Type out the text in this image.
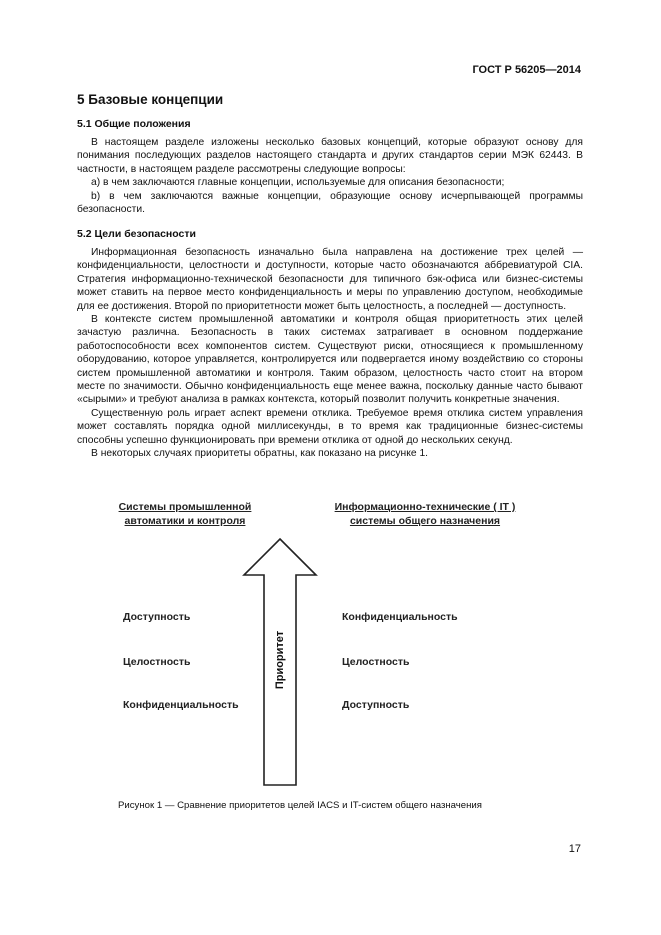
ГОСТ Р 56205—2014
5 Базовые концепции
5.1 Общие положения

В настоящем разделе изложены несколько базовых концепций, которые образуют основу для понимания последующих разделов настоящего стандарта и других стандартов серии МЭК 62443. В частности, в настоящем разделе рассмотрены следующие вопросы:

а) в чем заключаются главные концепции, используемые для описания безопасности;

b) в чем заключаются важные концепции, образующие основу исчерпывающей программы безопасности.

5.2 Цели безопасности

Информационная безопасность изначально была направлена на достижение трех целей — конфиденциальности, целостности и доступности, которые часто обозначаются аббревиатурой CIA. Стратегия информационно-технической безопасности для типичного бэк-офиса или бизнес-системы может ставить на первое место конфиденциальность и меры по управлению доступом, необходимые для ее достижения. Второй по приоритетности может быть целостность, а последней — доступность.

В контексте систем промышленной автоматики и контроля общая приоритетность этих целей зачастую различна. Безопасность в таких системах затрагивает в основном поддержание работоспособности всех компонентов систем. Существуют риски, относящиеся к промышленному оборудованию, которое управляется, контролируется или подвергается иному воздействию со стороны систем промышленной автоматики и контроля. Таким образом, целостность часто стоит на втором месте по значимости. Обычно конфиденциальность еще менее важна, поскольку данные часто бывают «сырыми» и требуют анализа в рамках контекста, который позволит получить конкретные значения.

Существенную роль играет аспект времени отклика. Требуемое время отклика систем управления может составлять порядка одной миллисекунды, в то время как традиционные бизнес-системы способны успешно функционировать при времени отклика от одной до нескольких секунд.

В некоторых случаях приоритеты обратны, как показано на рисунке 1.

Системы промышленной
автоматики и контроля
Информационно-технические ( IT )
системы общего назначения
Приоритет
Доступность
Целостность
Конфиденциальность
Конфиденциальность
Целостность
Доступность
Рисунок 1 — Сравнение приоритетов целей IACS и IT-систем общего назначения
17
